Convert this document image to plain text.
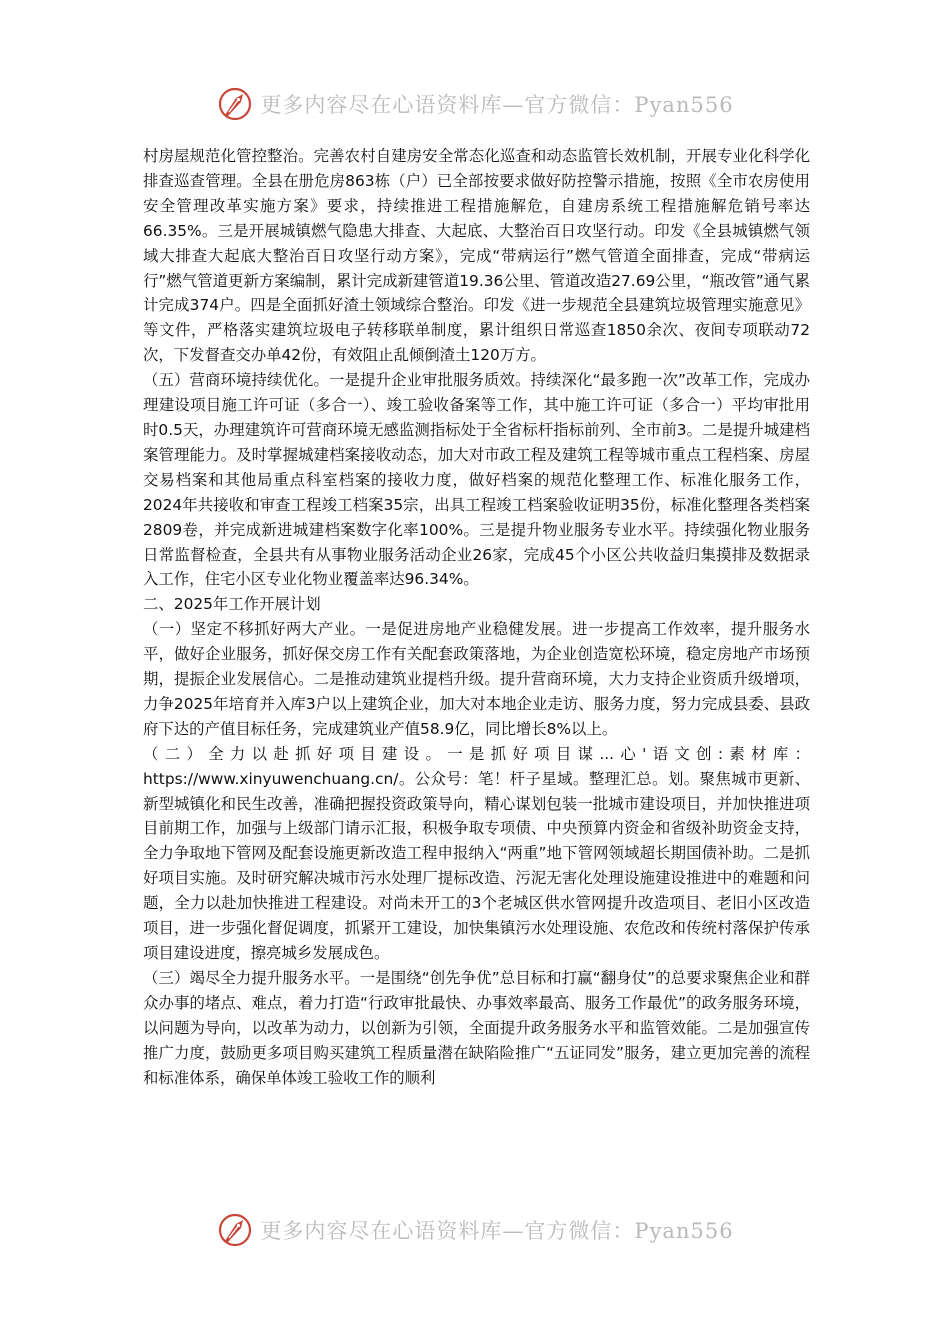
更多内容尽在心语资料库—官方微信：Pyan556

村房屋规范化管控整治。完善农村自建房安全常态化巡查和动态监管长效机制，开展专业化科学化排查巡查管理。全县在册危房863栋（户）已全部按要求做好防控警示措施，按照《全市农房使用安全管理改革实施方案》要求，持续推进工程措施解危，自建房系统工程措施解危销号率达66.35%。三是开展城镇燃气隐患大排查、大起底、大整治百日攻坚行动。印发《全县城镇燃气领域大排查大起底大整治百日攻坚行动方案》，完成“带病运行”燃气管道全面排查，完成“带病运行”燃气管道更新方案编制，累计完成新建管道19.36公里、管道改造27.69公里，“瓶改管”通气累计完成374户。四是全面抓好渣土领域综合整治。印发《进一步规范全县建筑垃圾管理实施意见》等文件，严格落实建筑垃圾电子转移联单制度，累计组织日常巡查1850余次、夜间专项联动72次，下发督查交办单42份，有效阻止乱倾倒渣土120万方。

（五）营商环境持续优化。一是提升企业审批服务质效。持续深化“最多跑一次”改革工作，完成办理建设项目施工许可证（多合一）、竣工验收备案等工作，其中施工许可证（多合一）平均审批用时0.5天，办理建筑许可营商环境无感监测指标处于全省标杆指标前列、全市前3。二是提升城建档案管理能力。及时掌握城建档案接收动态，加大对市政工程及建筑工程等城市重点工程档案、房屋交易档案和其他局重点科室档案的接收力度，做好档案的规范化整理工作、标准化服务工作，2024年共接收和审查工程竣工档案35宗，出具工程竣工档案验收证明35份，标准化整理各类档案2809卷，并完成新进城建档案数字化率100%。三是提升物业服务专业水平。持续强化物业服务日常监督检查，全县共有从事物业服务活动企业26家，完成45个小区公共收益归集摸排及数据录入工作，住宅小区专业化物业覆盖率达96.34%。

二、2025年工作开展计划

（一）坚定不移抓好两大产业。一是促进房地产业稳健发展。进一步提高工作效率，提升服务水平，做好企业服务，抓好保交房工作有关配套政策落地，为企业创造宽松环境，稳定房地产市场预期，提振企业发展信心。二是推动建筑业提档升级。提升营商环境，大力支持企业资质升级增项，力争2025年培育并入库3户以上建筑企业，加大对本地企业走访、服务力度，努力完成县委、县政府下达的产值目标任务，完成建筑业产值58.9亿，同比增长8%以上。

（二）全力以赴抓好项目建设。一是抓好项目谋...心'语文创:素材库：https://www.xinyuwenchuang.cn/。公众号：笔！杆子星域。整理汇总。划。聚焦城市更新、新型城镇化和民生改善，准确把握投资政策导向，精心谋划包装一批城市建设项目，并加快推进项目前期工作，加强与上级部门请示汇报，积极争取专项债、中央预算内资金和省级补助资金支持，全力争取地下管网及配套设施更新改造工程申报纳入“两重”地下管网领域超长期国债补助。二是抓好项目实施。及时研究解决城市污水处理厂提标改造、污泥无害化处理设施建设推进中的难题和问题，全力以赴加快推进工程建设。对尚未开工的3个老城区供水管网提升改造项目、老旧小区改造项目，进一步强化督促调度，抓紧开工建设，加快集镇污水处理设施、农危改和传统村落保护传承项目建设进度，擦亮城乡发展成色。

（三）竭尽全力提升服务水平。一是围绕“创先争优”总目标和打赢“翻身仗”的总要求聚焦企业和群众办事的堵点、难点，着力打造“行政审批最快、办事效率最高、服务工作最优”的政务服务环境，以问题为导向，以改革为动力，以创新为引领，全面提升政务服务水平和监管效能。二是加强宣传推广力度，鼓励更多项目购买建筑工程质量潜在缺陷险推广“五证同发”服务，建立更加完善的流程和标准体系，确保单体竣工验收工作的顺利

更多内容尽在心语资料库—官方微信：Pyan556
